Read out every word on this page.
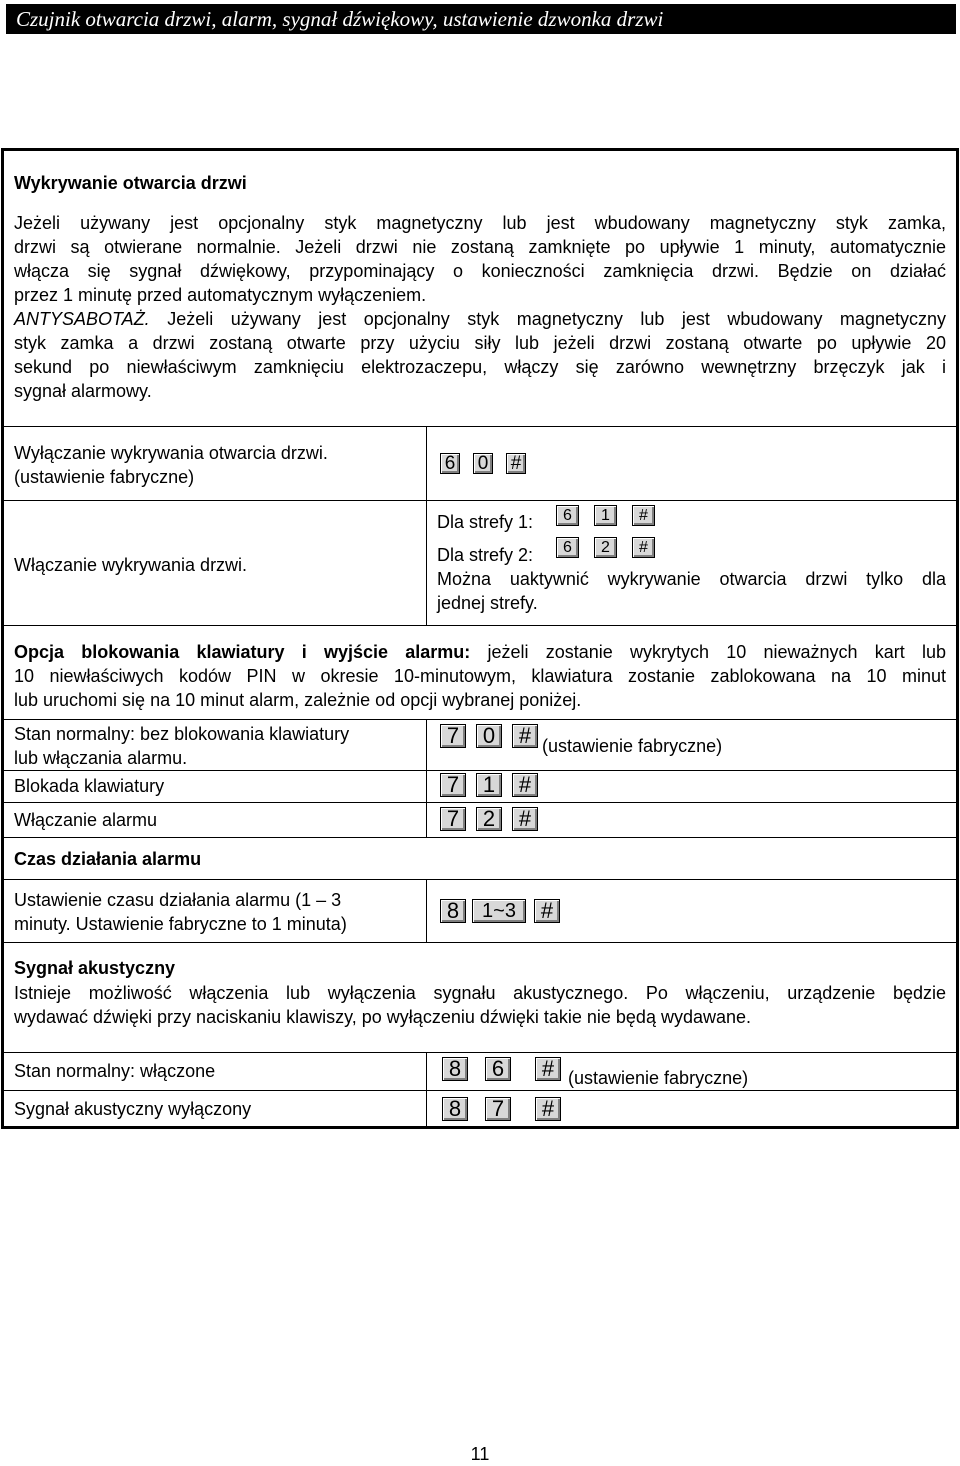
Czujnik otwarcia drzwi, alarm, sygnał dźwiękowy, ustawienie dzwonka drzwi
Wykrywanie otwarcia drzwi
Jeżeli używany jest opcjonalny styk magnetyczny lub jest wbudowany magnetyczny styk zamka,
drzwi są otwierane normalnie. Jeżeli drzwi nie zostaną zamknięte po upływie 1 minuty, automatycznie
włącza się sygnał dźwiękowy, przypominający o konieczności zamknięcia drzwi. Będzie on działać
przez 1 minutę przed automatycznym wyłączeniem.
ANTYSABOTAŻ. Jeżeli używany jest opcjonalny styk magnetyczny lub jest wbudowany magnetyczny
styk zamka a drzwi zostaną otwarte przy użyciu siły lub jeżeli drzwi zostaną otwarte po upływie 20
sekund po niewłaściwym zamknięciu elektrozaczepu, włączy się zarówno wewnętrzny brzęczyk jak i
sygnał alarmowy.
Wyłączanie wykrywania otwarcia drzwi.
(ustawienie fabryczne)
6 0 #
Włączanie wykrywania drzwi.
Dla strefy 1:	6	1	#
Dla strefy 2:	6	2	#
Można uaktywnić wykrywanie otwarcia drzwi tylko dla
jednej strefy.
Opcja blokowania klawiatury i wyjście alarmu: jeżeli zostanie wykrytych 10 nieważnych kart lub
10 niewłaściwych kodów PIN w okresie 10-minutowym, klawiatura zostanie zablokowana na 10 minut
lub uruchomi się na 10 minut alarm, zależnie od opcji wybranej poniżej.
Stan normalny: bez blokowania klawiatury
lub włączania alarmu.
7	0	# (ustawienie fabryczne)
Blokada klawiatury	7	1	#
Włączanie alarmu	7	2	#
Czas działania alarmu
Ustawienie czasu działania alarmu (1 – 3
minuty. Ustawienie fabryczne to 1 minuta)
8	1~3	#
Sygnał akustyczny
Istnieje możliwość włączenia lub wyłączenia sygnału akustycznego. Po włączeniu, urządzenie będzie
wydawać dźwięki przy naciskaniu klawiszy, po wyłączeniu dźwięki takie nie będą wydawane.
Stan normalny: włączone	8	6	# (ustawienie fabryczne)
Sygnał akustyczny wyłączony	8	7	#
11
